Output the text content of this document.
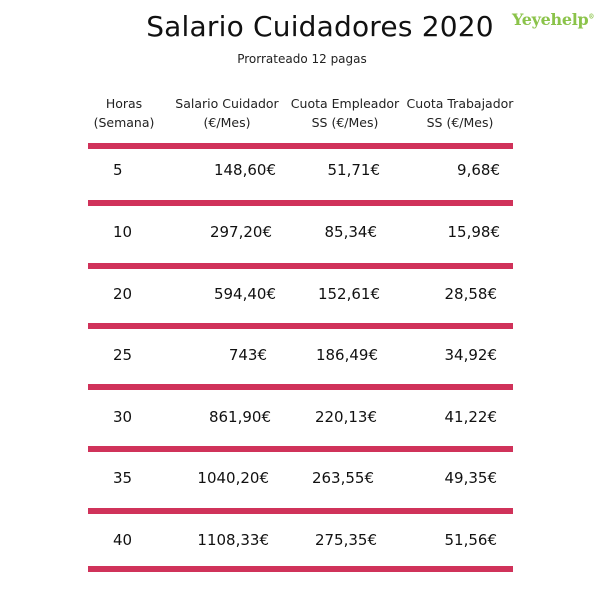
Salario Cuidadores 2020
Prorrateado 12 pagas
Yeyehelp®
Horas
(Semana)
Salario Cuidador
(€/Mes)
Cuota Empleador
SS (€/Mes)
Cuota Trabajador
SS (€/Mes)
5	148,60€	51,71€	9,68€
10	297,20€	85,34€	15,98€
20	594,40€	152,61€	28,58€
25	743€	186,49€	34,92€
30	861,90€	220,13€	41,22€
35	1040,20€	263,55€	49,35€
40	1108,33€	275,35€	51,56€
